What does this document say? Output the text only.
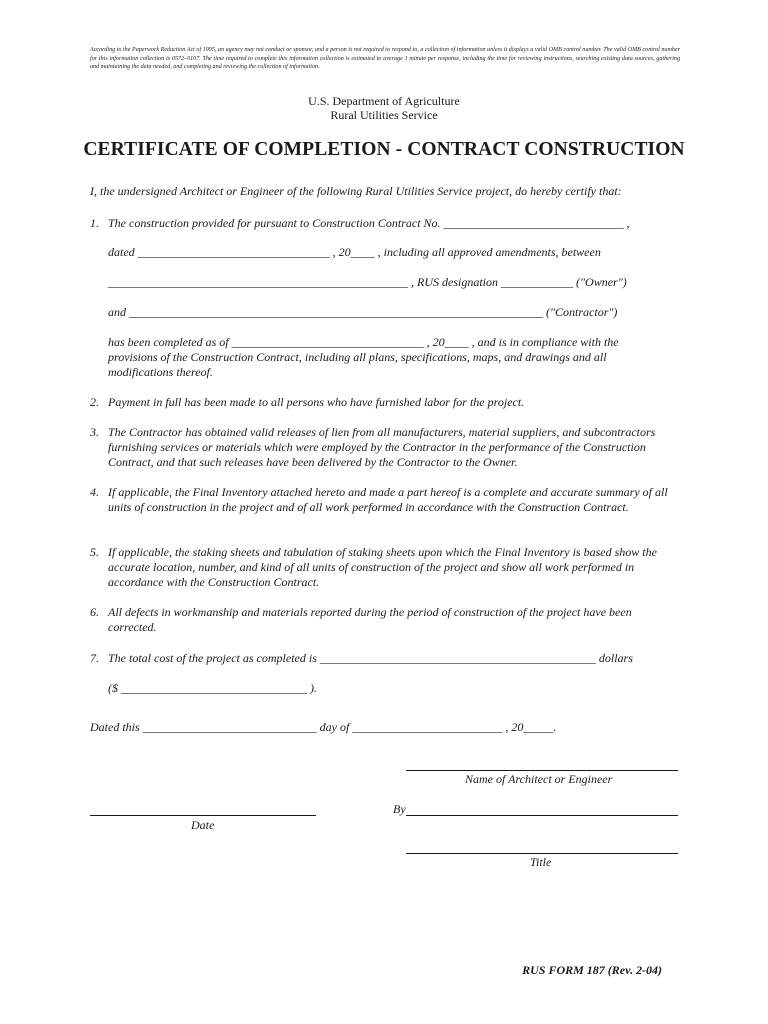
According to the Paperwork Reduction Act of 1995, an agency may not conduct or sponsor, and a person is not required to respond to, a collection of information unless it displays a valid OMB control number. The valid OMB control number for this information collection is 0572–0107. The time required to complete this information collection is estimated to average 1 minute per response, including the time for reviewing instructions, searching existing data sources, gathering and maintaining the data needed, and completing and reviewing the collection of information.
U.S. Department of Agriculture
Rural Utilities Service
CERTIFICATE OF COMPLETION - CONTRACT CONSTRUCTION
I, the undersigned Architect or Engineer of the following Rural Utilities Service project, do hereby certify that:
1. The construction provided for pursuant to Construction Contract No. ______________________________ ,
dated ________________________________ , 20____ , including all approved amendments, between
__________________________________________________ , RUS designation ____________ ("Owner")
and _____________________________________________________________________ ("Contractor")
has been completed as of ________________________________ , 20____ , and is in compliance with the
provisions of the Construction Contract, including all plans, specifications, maps, and drawings and all
modifications thereof.
2. Payment in full has been made to all persons who have furnished labor for the project.
3. The Contractor has obtained valid releases of lien from all manufacturers, material suppliers, and subcontractors furnishing services or materials which were employed by the Contractor in the performance of the Construction Contract, and that such releases have been delivered by the Contractor to the Owner.
4. If applicable, the Final Inventory attached hereto and made a part hereof is a complete and accurate summary of all units of construction in the project and of all work performed in accordance with the Construction Contract.
5. If applicable, the staking sheets and tabulation of staking sheets upon which the Final Inventory is based show the accurate location, number, and kind of all units of construction of the project and show all work performed in accordance with the Construction Contract.
6. All defects in workmanship and materials reported during the period of construction of the project have been corrected.
7. The total cost of the project as completed is ______________________________________________ dollars
($ _______________________________ ).
Dated this _____________________________ day of _________________________ , 20_____.
Name of Architect or Engineer
Date
By
Title
RUS FORM 187 (Rev. 2-04)
